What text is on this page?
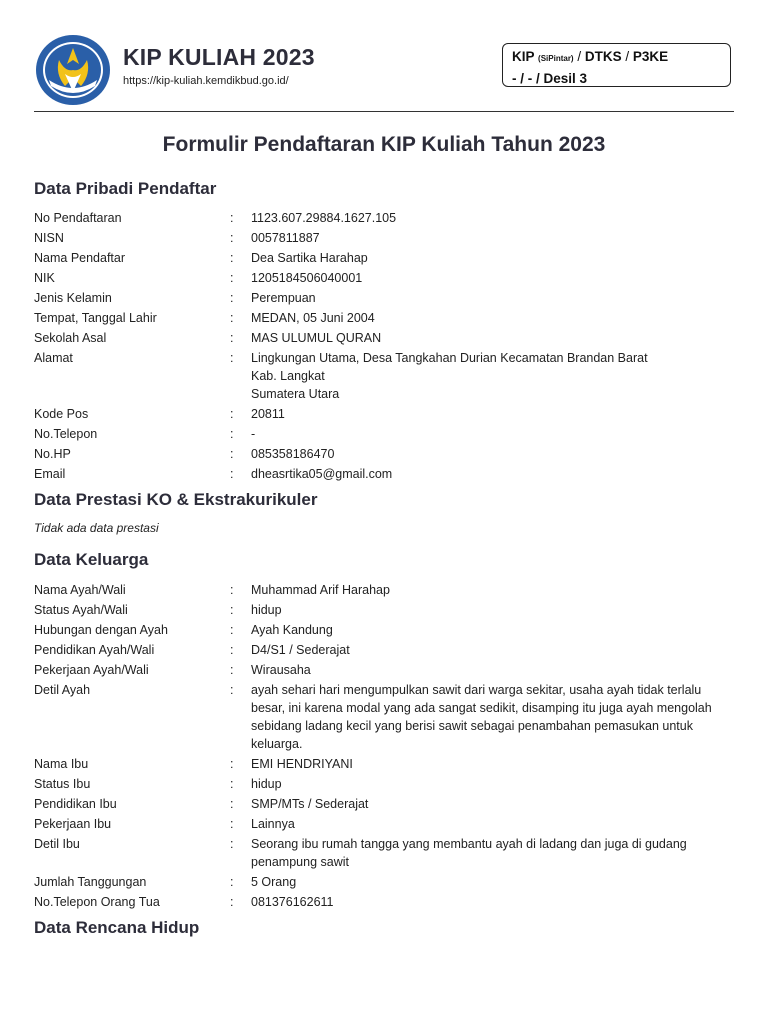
KIP KULIAH 2023
https://kip-kuliah.kemdikbud.go.id/
KIP (SiPintar) / DTKS / P3KE
- / - / Desil 3
Formulir Pendaftaran KIP Kuliah Tahun 2023
Data Pribadi Pendaftar
No Pendaftaran	:	1123.607.29884.1627.105
NISN	:	0057811887
Nama Pendaftar	:	Dea Sartika Harahap
NIK	:	1205184506040001
Jenis Kelamin	:	Perempuan
Tempat, Tanggal Lahir	:	MEDAN, 05 Juni 2004
Sekolah Asal	:	MAS ULUMUL QURAN
Alamat	:	Lingkungan Utama, Desa Tangkahan Durian Kecamatan Brandan Barat
Kab. Langkat
Sumatera Utara
Kode Pos	:	20811
No.Telepon	:	-
No.HP	:	085358186470
Email	:	dheasrtika05@gmail.com
Data Prestasi KO & Ekstrakurikuler
Tidak ada data prestasi
Data Keluarga
Nama Ayah/Wali	:	Muhammad Arif Harahap
Status Ayah/Wali	:	hidup
Hubungan dengan Ayah	:	Ayah Kandung
Pendidikan Ayah/Wali	:	D4/S1 / Sederajat
Pekerjaan Ayah/Wali	:	Wirausaha
Detil Ayah	:	ayah sehari hari mengumpulkan sawit dari warga sekitar, usaha ayah tidak terlalu
besar, ini karena modal yang ada sangat sedikit, disamping itu juga ayah mengolah
sebidang ladang kecil yang berisi sawit sebagai penambahan pemasukan untuk
keluarga.
Nama Ibu	:	EMI HENDRIYANI
Status Ibu	:	hidup
Pendidikan Ibu	:	SMP/MTs / Sederajat
Pekerjaan Ibu	:	Lainnya
Detil Ibu	:	Seorang ibu rumah tangga yang membantu ayah di ladang dan juga di gudang
penampung sawit
Jumlah Tanggungan	:	5 Orang
No.Telepon Orang Tua	:	081376162611
Data Rencana Hidup
